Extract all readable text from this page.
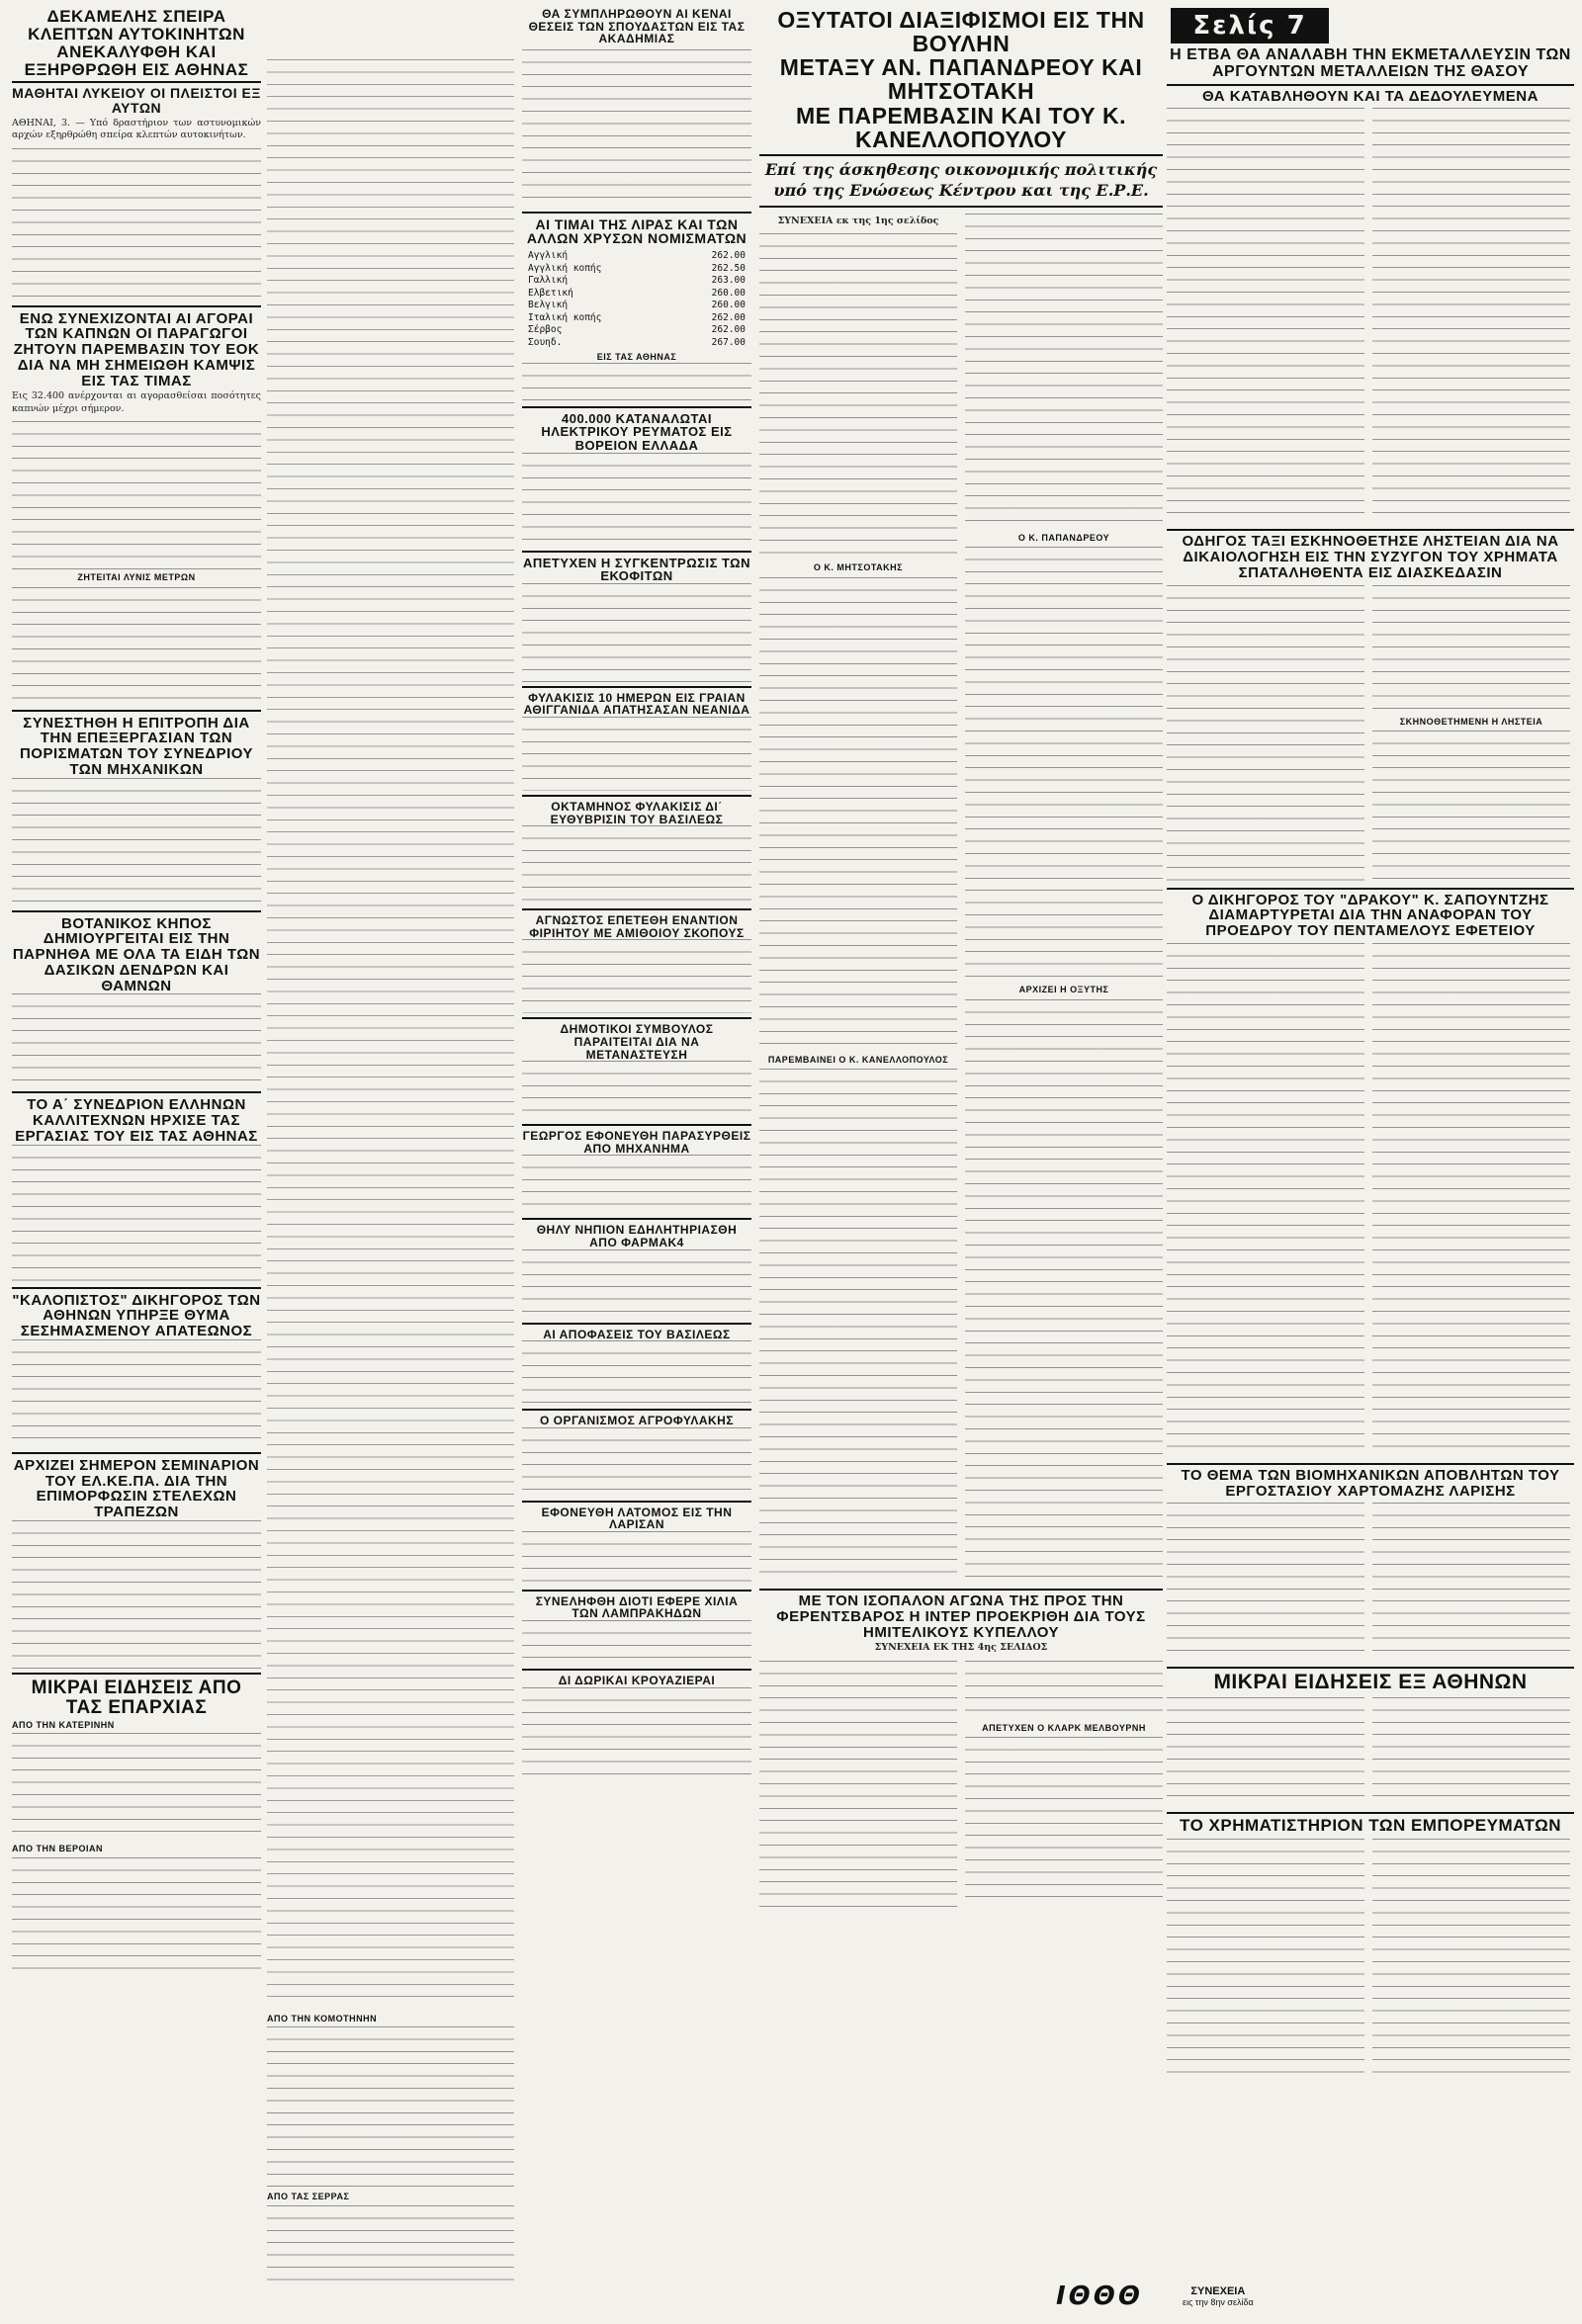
ΔΕΚΑΜΕΛΗΣ ΣΠΕΙΡΑ ΚΛΕΠΤΩΝ ΑΥΤΟΚΙΝΗΤΩΝ ΑΝΕΚΑΛΥΦΘΗ ΚΑΙ ΕΞΗΡΘΡΩΘΗ ΕΙΣ ΑΘΗΝΑΣ
ΜΑΘΗΤΑΙ ΛΥΚΕΙΟΥ ΟΙ ΠΛΕΙΣΤΟΙ ΕΞ ΑΥΤΩΝ

ΑΘΗΝΑΙ, 3. — Υπό δραστήριον των αστυνομικών αρχών εξηρθρώθη σπείρα κλεπτών αυτοκινήτων.

ΕΝΩ ΣΥΝΕΧΙΖΟΝΤΑΙ ΑΙ ΑΓΟΡΑΙ ΤΩΝ ΚΑΠΝΩΝ ΟΙ ΠΑΡΑΓΩΓΟΙ ΖΗΤΟΥΝ ΠΑΡΕΜΒΑΣΙΝ ΤΟΥ ΕΟΚ ΔΙΑ ΝΑ ΜΗ ΣΗΜΕΙΩΘΗ ΚΑΜΨΙΣ ΕΙΣ ΤΑΣ ΤΙΜΑΣ

Εις 32.400 ανέρχονται αι αγορασθείσαι ποσότητες καπνών μέχρι σήμερον.

ΖΗΤΕΙΤΑΙ ΛΥΝΙΣ ΜΕΤΡΩΝ
ΣΥΝΕΣΤΗΘΗ Η ΕΠΙΤΡΟΠΗ ΔΙΑ ΤΗΝ ΕΠΕΞΕΡΓΑΣΙΑΝ ΤΩΝ ΠΟΡΙΣΜΑΤΩΝ ΤΟΥ ΣΥΝΕΔΡΙΟΥ ΤΩΝ ΜΗΧΑΝΙΚΩΝ
ΒΟΤΑΝΙΚΟΣ ΚΗΠΟΣ ΔΗΜΙΟΥΡΓΕΙΤΑΙ ΕΙΣ ΤΗΝ ΠΑΡΝΗΘΑ ΜΕ ΟΛΑ ΤΑ ΕΙΔΗ ΤΩΝ ΔΑΣΙΚΩΝ ΔΕΝΔΡΩΝ ΚΑΙ ΘΑΜΝΩΝ
ΤΟ Α΄ ΣΥΝΕΔΡΙΟΝ ΕΛΛΗΝΩΝ ΚΑΛΛΙΤΕΧΝΩΝ ΗΡΧΙΣΕ ΤΑΣ ΕΡΓΑΣΙΑΣ ΤΟΥ ΕΙΣ ΤΑΣ ΑΘΗΝΑΣ
"ΚΑΛΟΠΙΣΤΟΣ" ΔΙΚΗΓΟΡΟΣ ΤΩΝ ΑΘΗΝΩΝ ΥΠΗΡΞΕ ΘΥΜΑ ΣΕΣΗΜΑΣΜΕΝΟΥ ΑΠΑΤΕΩΝΟΣ
ΑΡΧΙΖΕΙ ΣΗΜΕΡΟΝ ΣΕΜΙΝΑΡΙΟΝ ΤΟΥ ΕΛ.ΚΕ.ΠΑ. ΔΙΑ ΤΗΝ ΕΠΙΜΟΡΦΩΣΙΝ ΣΤΕΛΕΧΩΝ ΤΡΑΠΕΖΩΝ
ΜΙΚΡΑΙ ΕΙΔΗΣΕΙΣ ΑΠΟ ΤΑΣ ΕΠΑΡΧΙΑΣ
ΑΠΟ ΤΗΝ ΚΑΤΕΡΙΝΗΝ
ΑΠΟ ΤΗΝ ΒΕΡΟΙΑΝ
ΑΠΟ ΤΗΝ ΚΟΜΟΤΗΝΗΝ
ΑΠΟ ΤΑΣ ΣΕΡΡΑΣ
ΘΑ ΣΥΜΠΛΗΡΩΘΟΥΝ ΑΙ ΚΕΝΑΙ ΘΕΣΕΙΣ ΤΩΝ ΣΠΟΥΔΑΣΤΩΝ ΕΙΣ ΤΑΣ ΑΚΑΔΗΜΙΑΣ
ΑΙ ΤΙΜΑΙ ΤΗΣ ΛΙΡΑΣ ΚΑΙ ΤΩΝ ΑΛΛΩΝ ΧΡΥΣΩΝ ΝΟΜΙΣΜΑΤΩΝ
Αγγλική	262.00
Αγγλική κοπής	262.50
Γαλλική	263.00
Ελβετική	260.00
Βελγική	260.00
Ιταλική κοπής	262.00
Σέρβος	262.00
Σουηδ.	267.00
ΕΙΣ ΤΑΣ ΑΘΗΝΑΣ
400.000 ΚΑΤΑΝΑΛΩΤΑΙ ΗΛΕΚΤΡΙΚΟΥ ΡΕΥΜΑΤΟΣ ΕΙΣ ΒΟΡΕΙΟΝ ΕΛΛΑΔΑ
ΑΠΕΤΥΧΕΝ Η ΣΥΓΚΕΝΤΡΩΣΙΣ ΤΩΝ ΕΚΟΦΙΤΩΝ
ΦΥΛΑΚΙΣΙΣ 10 ΗΜΕΡΩΝ ΕΙΣ ΓΡΑΙΑΝ ΑΘΙΓΓΑΝΙΔΑ ΑΠΑΤΗΣΑΣΑΝ ΝΕΑΝΙΔΑ
ΟΚΤΑΜΗΝΟΣ ΦΥΛΑΚΙΣΙΣ ΔΙ΄ ΕΥΘΥΒΡΙΣΙΝ ΤΟΥ ΒΑΣΙΛΕΩΣ
ΑΓΝΩΣΤΟΣ ΕΠΕΤΕΘΗ ΕΝΑΝΤΙΟΝ ΦΙΡΙΗΤΟΥ ΜΕ ΑΜΙΘΟΙΟΥ ΣΚΟΠΟΥΣ
ΔΗΜΟΤΙΚΟΙ ΣΥΜΒΟΥΛΟΣ ΠΑΡΑΙΤΕΙΤΑΙ ΔΙΑ ΝΑ ΜΕΤΑΝΑΣΤΕΥΣΗ
ΓΕΩΡΓΟΣ ΕΦΟΝΕΥΘΗ ΠΑΡΑΣΥΡΘΕΙΣ ΑΠΟ ΜΗΧΑΝΗΜΑ
ΘΗΛΥ ΝΗΠΙΟΝ ΕΔΗΛΗΤΗΡΙΑΣΘΗ ΑΠΟ ΦΑΡΜΑΚ4
ΑΙ ΑΠΟΦΑΣΕΙΣ ΤΟΥ ΒΑΣΙΛΕΩΣ
Ο ΟΡΓΑΝΙΣΜΟΣ ΑΓΡΟΦΥΛΑΚΗΣ
ΕΦΟΝΕΥΘΗ ΛΑΤΟΜΟΣ ΕΙΣ ΤΗΝ ΛΑΡΙΣΑΝ
ΣΥΝΕΛΗΦΘΗ ΔΙΟΤΙ ΕΦΕΡΕ ΧΙΛΙΑ ΤΩΝ ΛΑΜΠΡΑΚΗΔΩΝ
ΔΙ ΔΩΡΙΚΑΙ ΚΡΟΥΑΖΙΕΡΑΙ
ΟΞΥΤΑΤΟΙ ΔΙΑΞΙΦΙΣΜΟΙ ΕΙΣ ΤΗΝ ΒΟΥΛΗΝ
ΜΕΤΑΞΥ ΑΝ. ΠΑΠΑΝΔΡΕΟΥ ΚΑΙ ΜΗΤΣΟΤΑΚΗ
ΜΕ ΠΑΡΕΜΒΑΣΙΝ ΚΑΙ ΤΟΥ Κ. ΚΑΝΕΛΛΟΠΟΥΛΟΥ

Επί της άσκηθεσης οικονομικής πολιτικής

υπό της Ενώσεως Κέντρου και της Ε.Ρ.Ε.

ΣΥΝΕΧΕΙΑ εκ της 1ης σελίδος

Ο Κ. ΜΗΤΣΟΤΑΚΗΣ
ΠΑΡΕΜΒΑΙΝΕΙ Ο Κ. ΚΑΝΕΛΛΟΠΟΥΛΟΣ
Ο Κ. ΠΑΠΑΝΔΡΕΟΥ
ΑΡΧΙΖΕΙ Η ΟΞΥΤΗΣ
ΜΕ ΤΟΝ ΙΣΟΠΑΛΟΝ ΑΓΩΝΑ ΤΗΣ ΠΡΟΣ ΤΗΝ ΦΕΡΕΝΤΣΒΑΡΟΣ Η ΙΝΤΕΡ ΠΡΟΕΚΡΙΘΗ ΔΙΑ ΤΟΥΣ ΗΜΙΤΕΛΙΚΟΥΣ ΚΥΠΕΛΛΟΥ

ΣΥΝΕΧΕΙΑ ΕΚ ΤΗΣ 4ης ΣΕΛΙΔΟΣ

ΑΠΕΤΥΧΕΝ Ο ΚΛΑΡΚ ΜΕΛΒΟΥΡΝΗ
ΙΘΘΘ
Σελίς 7
Η ΕΤΒΑ ΘΑ ΑΝΑΛΑΒΗ ΤΗΝ ΕΚΜΕΤΑΛΛΕΥΣΙΝ ΤΩΝ ΑΡΓΟΥΝΤΩΝ ΜΕΤΑΛΛΕΙΩΝ ΤΗΣ ΘΑΣΟΥ
ΘΑ ΚΑΤΑΒΛΗΘΟΥΝ ΚΑΙ ΤΑ ΔΕΔΟΥΛΕΥΜΕΝΑ
ΟΔΗΓΟΣ ΤΑΞΙ ΕΣΚΗΝΟΘΕΤΗΣΕ ΛΗΣΤΕΙΑΝ ΔΙΑ ΝΑ ΔΙΚΑΙΟΛΟΓΗΣΗ ΕΙΣ ΤΗΝ ΣΥΖΥΓΟΝ ΤΟΥ ΧΡΗΜΑΤΑ ΣΠΑΤΑΛΗΘΕΝΤΑ ΕΙΣ ΔΙΑΣΚΕΔΑΣΙΝ
ΣΚΗΝΟΘΕΤΗΜΕΝΗ Η ΛΗΣΤΕΙΑ
Ο ΔΙΚΗΓΟΡΟΣ ΤΟΥ "ΔΡΑΚΟΥ" Κ. ΣΑΠΟΥΝΤΖΗΣ ΔΙΑΜΑΡΤΥΡΕΤΑΙ ΔΙΑ ΤΗΝ ΑΝΑΦΟΡΑΝ ΤΟΥ ΠΡΟΕΔΡΟΥ ΤΟΥ ΠΕΝΤΑΜΕΛΟΥΣ ΕΦΕΤΕΙΟΥ
ΤΟ ΘΕΜΑ ΤΩΝ ΒΙΟΜΗΧΑΝΙΚΩΝ ΑΠΟΒΛΗΤΩΝ ΤΟΥ ΕΡΓΟΣΤΑΣΙΟΥ ΧΑΡΤΟΜΑΖΗΣ ΛΑΡΙΣΗΣ
ΜΙΚΡΑΙ ΕΙΔΗΣΕΙΣ ΕΞ ΑΘΗΝΩΝ
ΤΟ ΧΡΗΜΑΤΙΣΤΗΡΙΟΝ ΤΩΝ ΕΜΠΟΡΕΥΜΑΤΩΝ
ΣΥΝΕΧΕΙΑ
εις την 8ην σελίδα
